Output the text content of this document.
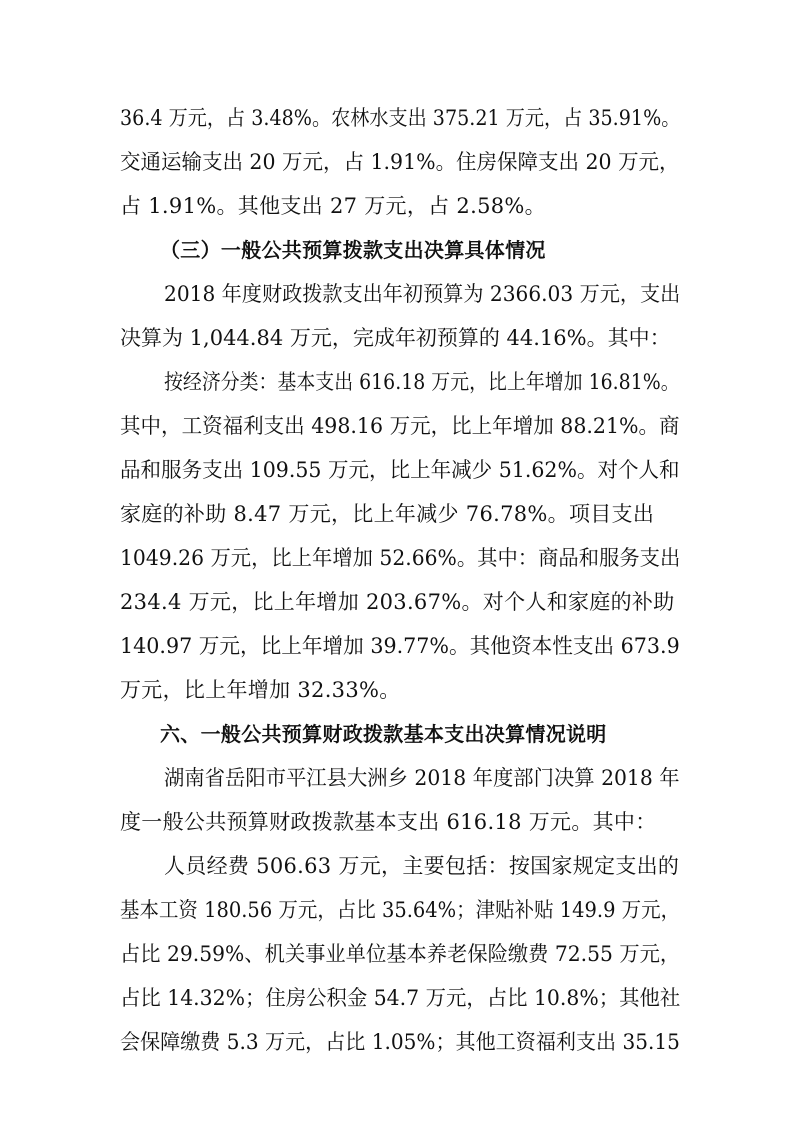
36.4 万元，占 3.48%。农林水支出 375.21 万元，占 35.91%。
交通运输支出 20 万元，占 1.91%。住房保障支出 20 万元，
占 1.91%。其他支出 27 万元，占 2.58%。
（三）一般公共预算拨款支出决算具体情况
2018 年度财政拨款支出年初预算为 2366.03 万元，支出
决算为 1,044.84 万元，完成年初预算的 44.16%。其中：
按经济分类：基本支出 616.18 万元，比上年增加 16.81%。
其中，工资福利支出 498.16 万元，比上年增加 88.21%。商
品和服务支出 109.55 万元，比上年减少 51.62%。对个人和
家庭的补助 8.47 万元，比上年减少 76.78%。项目支出
1049.26 万元，比上年增加 52.66%。其中：商品和服务支出
234.4 万元，比上年增加 203.67%。对个人和家庭的补助
140.97 万元，比上年增加 39.77%。其他资本性支出 673.9
万元，比上年增加 32.33%。
六、一般公共预算财政拨款基本支出决算情况说明
湖南省岳阳市平江县大洲乡 2018 年度部门决算 2018 年
度一般公共预算财政拨款基本支出 616.18 万元。其中：
人员经费 506.63 万元，主要包括：按国家规定支出的
基本工资 180.56 万元，占比 35.64%；津贴补贴 149.9 万元，
占比 29.59%、机关事业单位基本养老保险缴费 72.55 万元，
占比 14.32%；住房公积金 54.7 万元，占比 10.8%；其他社
会保障缴费 5.3 万元，占比 1.05%；其他工资福利支出 35.15
